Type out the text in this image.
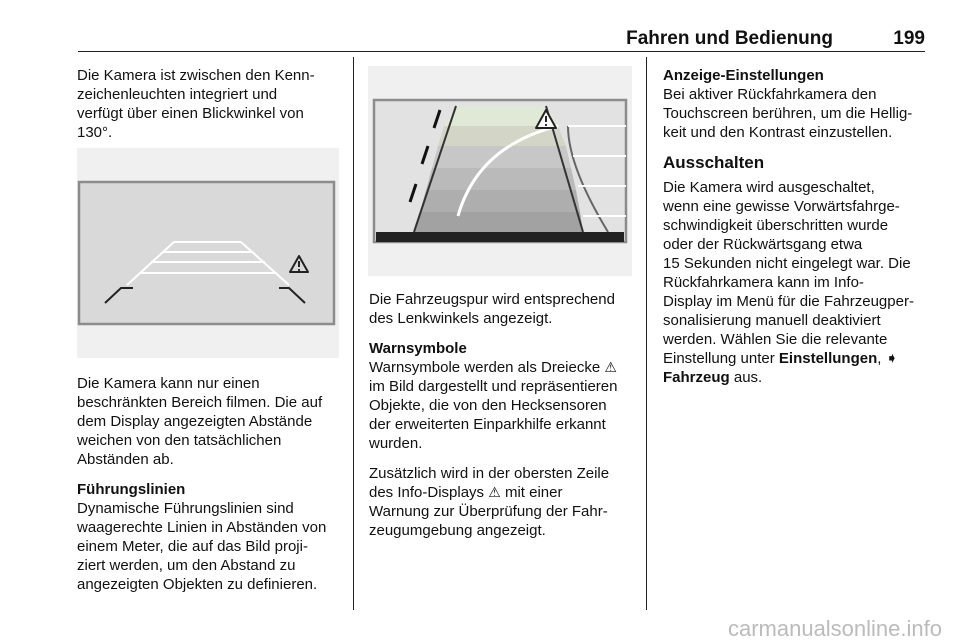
Fahren und Bedienung	199

Die Kamera ist zwischen den Kenn-
zeichenleuchten integriert und
verfügt über einen Blickwinkel von
130°.

Die Kamera kann nur einen
beschränkten Bereich filmen. Die auf
dem Display angezeigten Abstände
weichen von den tatsächlichen
Abständen ab.

Führungslinien

Dynamische Führungslinien sind
waagerechte Linien in Abständen von
einem Meter, die auf das Bild proji-
ziert werden, um den Abstand zu
angezeigten Objekten zu definieren.

Die Fahrzeugspur wird entsprechend
des Lenkwinkels angezeigt.

Warnsymbole

Warnsymbole werden als Dreiecke ⚠
im Bild dargestellt und repräsentieren
Objekte, die von den Hecksensoren
der erweiterten Einparkhilfe erkannt
wurden.

Zusätzlich wird in der obersten Zeile
des Info-Displays ⚠ mit einer
Warnung zur Überprüfung der Fahr-
zeugumgebung angezeigt.

Anzeige-Einstellungen

Bei aktiver Rückfahrkamera den
Touchscreen berühren, um die Hellig-
keit und den Kontrast einzustellen.

Ausschalten

Die Kamera wird ausgeschaltet,
wenn eine gewisse Vorwärtsfahrge-
schwindigkeit überschritten wurde
oder der Rückwärtsgang etwa
15 Sekunden nicht eingelegt war. Die
Rückfahrkamera kann im Info-
Display im Menü für die Fahrzeugper-
sonalisierung manuell deaktiviert
werden. Wählen Sie die relevante
Einstellung unter Einstellungen, ➧
Fahrzeug aus.

carmanualsonline.info
